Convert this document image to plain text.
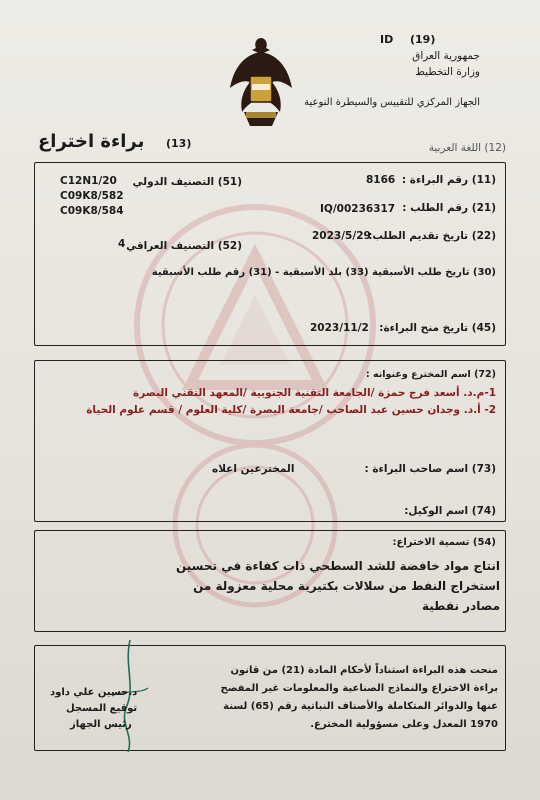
(19)
ID
جمهورية العراق
وزارة التخطيط
الجهاز المركزي للتقييس والسيطرة النوعية
(13)
براءة اختراع	(12) اللغة العربية
(11) رقم البراءة :
8166
(51) التصنيف الدولي
C12N1/20
C09K8/582
C09K8/584	(21) رقم الطلب :
IQ/00236317
(22) تاريخ تقديم الطلب:
2023/5/29
4 (52) التصنيف العراقي
(30) تاريخ طلب الأسبقية (33) بلد الأسبقية - (31) رقم طلب الأسبقية
(45) تاريخ منح البراءة:
2023/11/2
(72) اسم المخترع وعنوانه :
1-م.د. أسعد فرج حمزة /الجامعة التقنية الجنوبية /المعهد التقني البصرة
2- أ.د. وجدان حسين عبد الصاحب /جامعة البصرة /كلية العلوم / قسم علوم الحياة
(73) اسم صاحب البراءة :
المخترعين اعلاه
(74) اسم الوكيل:
(54) تسمية الاختراع:
انتاج مواد خافضة للشد السطحي ذات كفاءة في تحسين
استخراج النفط من سلالات بكتيرية محلية معزولة من
مصادر نفطية
منحت هذه البراءة استناداً لأحكام المادة (21) من قانون
براءة الاختراع والنماذج الصناعية والمعلومات غير المفصح
عنها والدوائر المتكاملة والأصناف النباتية رقم (65) لسنة
1970 المعدل وعلى مسؤولية المخترع.
د.حسين علي داود
توقيع المسجل
رئيس الجهاز
